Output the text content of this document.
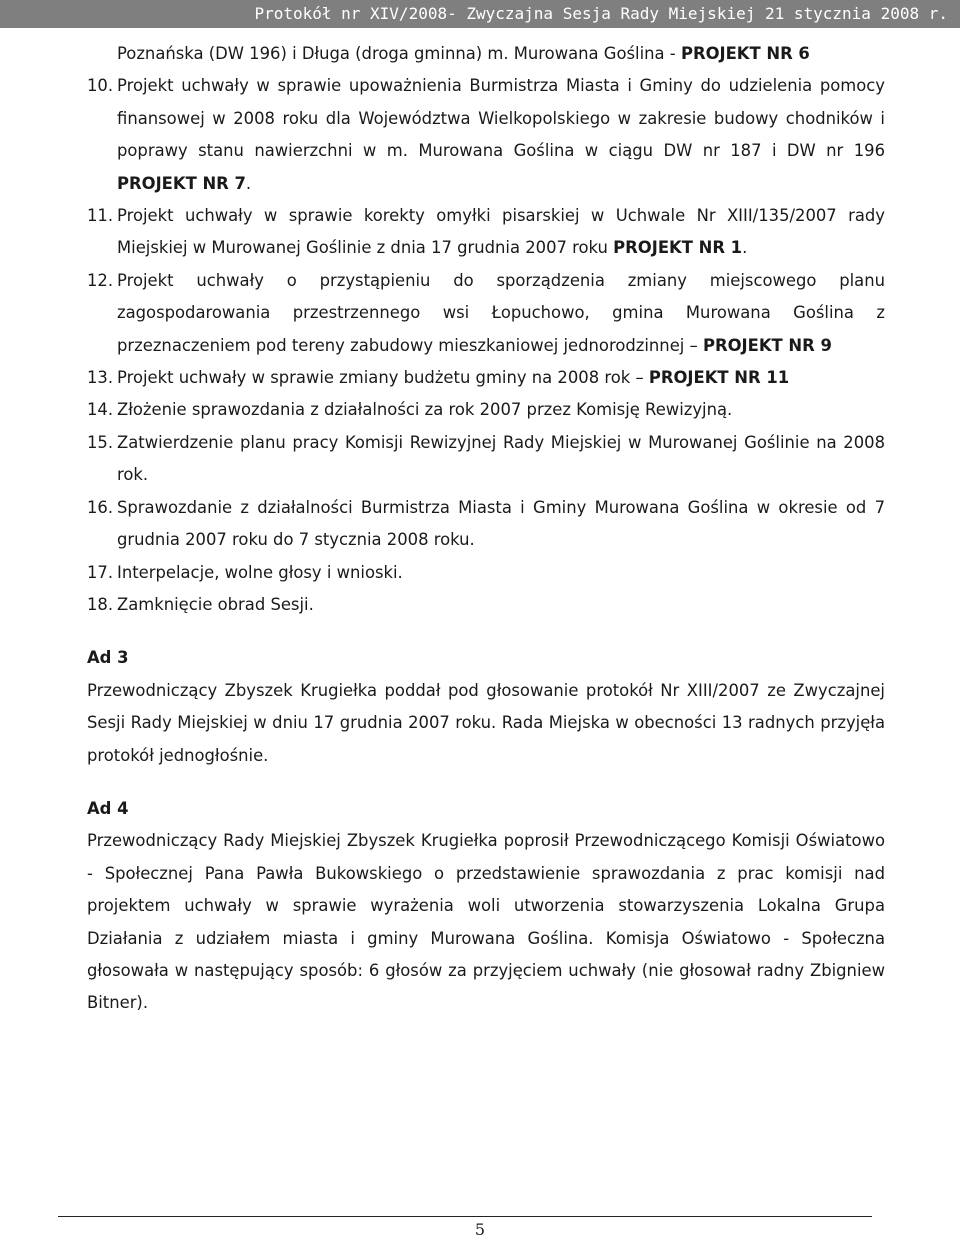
Protokół nr XIV/2008- Zwyczajna Sesja Rady Miejskiej 21 stycznia 2008 r.
Poznańska (DW 196) i Długa (droga gminna) m. Murowana Goślina - PROJEKT NR 6
10. Projekt uchwały w sprawie upoważnienia Burmistrza Miasta i Gminy do udzielenia pomocy finansowej w 2008 roku dla Województwa Wielkopolskiego w zakresie budowy chodników i poprawy stanu nawierzchni w m. Murowana Goślina w ciągu DW nr 187 i DW nr 196 PROJEKT NR 7.
11. Projekt uchwały w sprawie korekty omyłki pisarskiej w Uchwale Nr XIII/135/2007 rady Miejskiej w Murowanej Goślinie z dnia 17 grudnia 2007 roku PROJEKT NR 1.
12. Projekt uchwały o przystąpieniu do sporządzenia zmiany miejscowego planu zagospodarowania przestrzennego wsi Łopuchowo, gmina Murowana Goślina z przeznaczeniem pod tereny zabudowy mieszkaniowej jednorodzinnej – PROJEKT NR 9
13. Projekt uchwały w sprawie zmiany budżetu gminy na 2008 rok – PROJEKT NR 11
14. Złożenie sprawozdania z działalności za rok 2007 przez Komisję Rewizyjną.
15. Zatwierdzenie planu pracy Komisji Rewizyjnej Rady Miejskiej w Murowanej Goślinie na 2008 rok.
16. Sprawozdanie z działalności Burmistrza Miasta i Gminy Murowana Goślina w okresie od 7 grudnia 2007 roku do 7 stycznia 2008 roku.
17. Interpelacje, wolne głosy i wnioski.
18. Zamknięcie obrad Sesji.
Ad 3
Przewodniczący Zbyszek Krugiełka poddał pod głosowanie protokół Nr XIII/2007 ze Zwyczajnej Sesji Rady Miejskiej w dniu 17 grudnia 2007 roku. Rada Miejska w obecności 13 radnych przyjęła protokół jednogłośnie.
Ad 4
Przewodniczący Rady Miejskiej Zbyszek Krugiełka poprosił Przewodniczącego Komisji Oświatowo - Społecznej Pana Pawła Bukowskiego o przedstawienie sprawozdania z prac komisji nad projektem uchwały w sprawie wyrażenia woli utworzenia stowarzyszenia Lokalna Grupa Działania z udziałem miasta i gminy Murowana Goślina. Komisja Oświatowo - Społeczna głosowała w następujący sposób: 6 głosów za przyjęciem uchwały (nie głosował radny Zbigniew Bitner).
5
